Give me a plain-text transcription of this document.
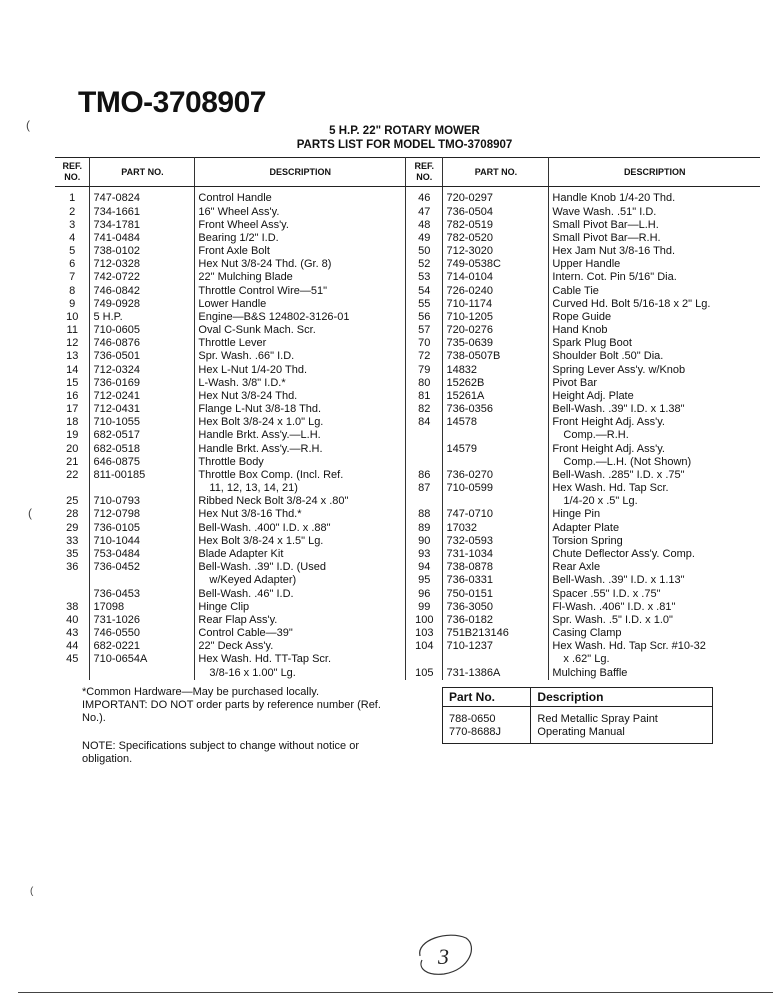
TMO-3708907
5 H.P. 22" ROTARY MOWER
PARTS LIST FOR MODEL TMO-3708907
(
(
(
REF. NO.	PART NO.	DESCRIPTION	REF. NO.	PART NO.	DESCRIPTION
1	747-0824	Control Handle	46	720-0297	Handle Knob 1/4-20 Thd.
2	734-1661	16" Wheel Ass'y.	47	736-0504	Wave Wash. .51" I.D.
3	734-1781	Front Wheel Ass'y.	48	782-0519	Small Pivot Bar—L.H.
4	741-0484	Bearing 1/2" I.D.	49	782-0520	Small Pivot Bar—R.H.
5	738-0102	Front Axle Bolt	50	712-3020	Hex Jam Nut 3/8-16 Thd.
6	712-0328	Hex Nut 3/8-24 Thd. (Gr. 8)	52	749-0538C	Upper Handle
7	742-0722	22" Mulching Blade	53	714-0104	Intern. Cot. Pin 5/16" Dia.
8	746-0842	Throttle Control Wire—51"	54	726-0240	Cable Tie
9	749-0928	Lower Handle	55	710-1174	Curved Hd. Bolt 5/16-18 x 2" Lg.
10	5 H.P.	Engine—B&S 124802-3126-01	56	710-1205	Rope Guide
11	710-0605	Oval C-Sunk Mach. Scr.	57	720-0276	Hand Knob
12	746-0876	Throttle Lever	70	735-0639	Spark Plug Boot
13	736-0501	Spr. Wash. .66" I.D.	72	738-0507B	Shoulder Bolt .50" Dia.
14	712-0324	Hex L-Nut 1/4-20 Thd.	79	14832	Spring Lever Ass'y. w/Knob
15	736-0169	L-Wash. 3/8" I.D.*	80	15262B	Pivot Bar
16	712-0241	Hex Nut 3/8-24 Thd.	81	15261A	Height Adj. Plate
17	712-0431	Flange L-Nut 3/8-18 Thd.	82	736-0356	Bell-Wash. .39" I.D. x 1.38"
18	710-1055	Hex Bolt 3/8-24 x 1.0" Lg.	84	14578	Front Height Adj. Ass'y.
19	682-0517	Handle Brkt. Ass'y.—L.H.			Comp.—R.H.
20	682-0518	Handle Brkt. Ass'y.—R.H.		14579	Front Height Adj. Ass'y.
21	646-0875	Throttle Body			Comp.—L.H. (Not Shown)
22	811-00185	Throttle Box Comp. (Incl. Ref.	86	736-0270	Bell-Wash. .285" I.D. x .75"
		11, 12, 13, 14, 21)	87	710-0599	Hex Wash. Hd. Tap Scr.
25	710-0793	Ribbed Neck Bolt 3/8-24 x .80"			1/4-20 x .5" Lg.
28	712-0798	Hex Nut 3/8-16 Thd.*	88	747-0710	Hinge Pin
29	736-0105	Bell-Wash. .400" I.D. x .88"	89	17032	Adapter Plate
33	710-1044	Hex Bolt 3/8-24 x 1.5" Lg.	90	732-0593	Torsion Spring
35	753-0484	Blade Adapter Kit	93	731-1034	Chute Deflector Ass'y. Comp.
36	736-0452	Bell-Wash. .39" I.D. (Used	94	738-0878	Rear Axle
		w/Keyed Adapter)	95	736-0331	Bell-Wash. .39" I.D. x 1.13"
	736-0453	Bell-Wash. .46" I.D.	96	750-0151	Spacer .55" I.D. x .75"
38	17098	Hinge Clip	99	736-3050	Fl-Wash. .406" I.D. x .81"
40	731-1026	Rear Flap Ass'y.	100	736-0182	Spr. Wash. .5" I.D. x 1.0"
43	746-0550	Control Cable—39"	103	751B213146	Casing Clamp
44	682-0221	22" Deck Ass'y.	104	710-1237	Hex Wash. Hd. Tap Scr. #10-32
45	710-0654A	Hex Wash. Hd. TT-Tap Scr.			x .62" Lg.
		3/8-16 x 1.00" Lg.	105	731-1386A	Mulching Baffle
*Common Hardware—May be purchased locally. IMPORTANT: DO NOT order parts by reference number (Ref. No.).
NOTE: Specifications subject to change without notice or obligation.
Part No.	Description
788-0650	Red Metallic Spray Paint
770-8688J	Operating Manual
3
